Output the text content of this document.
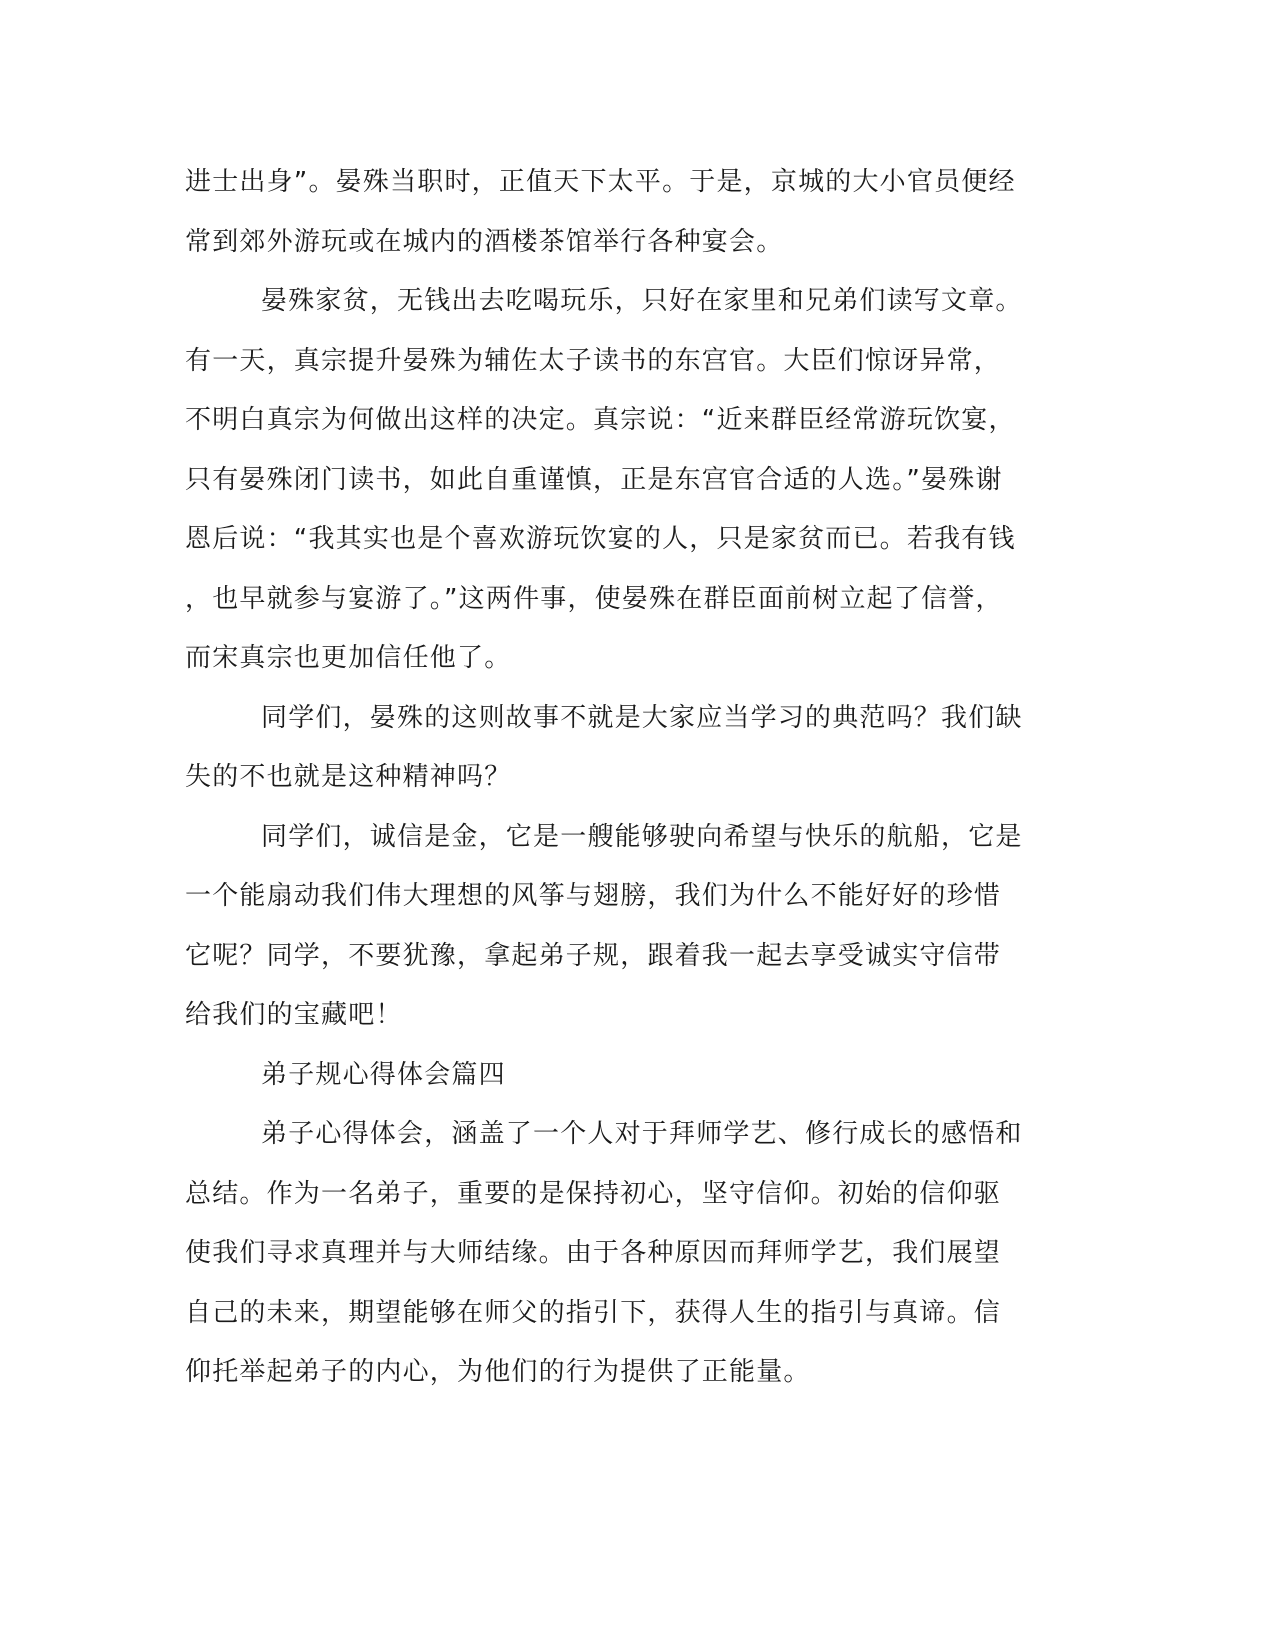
进士出身”。晏殊当职时，正值天下太平。于是，京城的大小官员便经
常到郊外游玩或在城内的酒楼茶馆举行各种宴会。
晏殊家贫，无钱出去吃喝玩乐，只好在家里和兄弟们读写文章。
有一天，真宗提升晏殊为辅佐太子读书的东宫官。大臣们惊讶异常，
不明白真宗为何做出这样的决定。真宗说：“近来群臣经常游玩饮宴，
只有晏殊闭门读书，如此自重谨慎，正是东宫官合适的人选。”晏殊谢
恩后说：“我其实也是个喜欢游玩饮宴的人，只是家贫而已。若我有钱
，也早就参与宴游了。”这两件事，使晏殊在群臣面前树立起了信誉，
而宋真宗也更加信任他了。
同学们，晏殊的这则故事不就是大家应当学习的典范吗？我们缺
失的不也就是这种精神吗？
同学们，诚信是金，它是一艘能够驶向希望与快乐的航船，它是
一个能扇动我们伟大理想的风筝与翅膀，我们为什么不能好好的珍惜
它呢？同学，不要犹豫，拿起弟子规，跟着我一起去享受诚实守信带
给我们的宝藏吧！
弟子规心得体会篇四
弟子心得体会，涵盖了一个人对于拜师学艺、修行成长的感悟和
总结。作为一名弟子，重要的是保持初心，坚守信仰。初始的信仰驱
使我们寻求真理并与大师结缘。由于各种原因而拜师学艺，我们展望
自己的未来，期望能够在师父的指引下，获得人生的指引与真谛。信
仰托举起弟子的内心，为他们的行为提供了正能量。
